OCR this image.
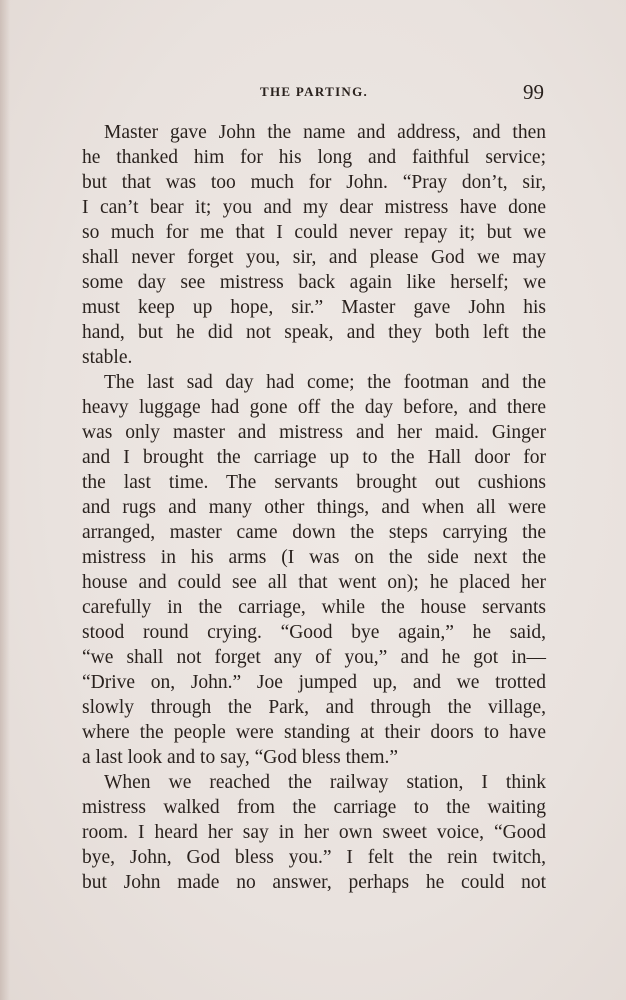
THE PARTING.	99
Master gave John the name and address, and then
he thanked him for his long and faithful service;
but that was too much for John. “Pray don’t, sir,
I can’t bear it; you and my dear mistress have done
so much for me that I could never repay it; but we
shall never forget you, sir, and please God we may
some day see mistress back again like herself; we
must keep up hope, sir.” Master gave John his
hand, but he did not speak, and they both left the
stable.
The last sad day had come; the footman and the
heavy luggage had gone off the day before, and there
was only master and mistress and her maid. Ginger
and I brought the carriage up to the Hall door for
the last time. The servants brought out cushions
and rugs and many other things, and when all were
arranged, master came down the steps carrying the
mistress in his arms (I was on the side next the
house and could see all that went on); he placed her
carefully in the carriage, while the house servants
stood round crying. “Good bye again,” he said,
“we shall not forget any of you,” and he got in—
“Drive on, John.” Joe jumped up, and we trotted
slowly through the Park, and through the village,
where the people were standing at their doors to have
a last look and to say, “God bless them.”
When we reached the railway station, I think
mistress walked from the carriage to the waiting
room. I heard her say in her own sweet voice, “Good
bye, John, God bless you.” I felt the rein twitch,
but John made no answer, perhaps he could not
